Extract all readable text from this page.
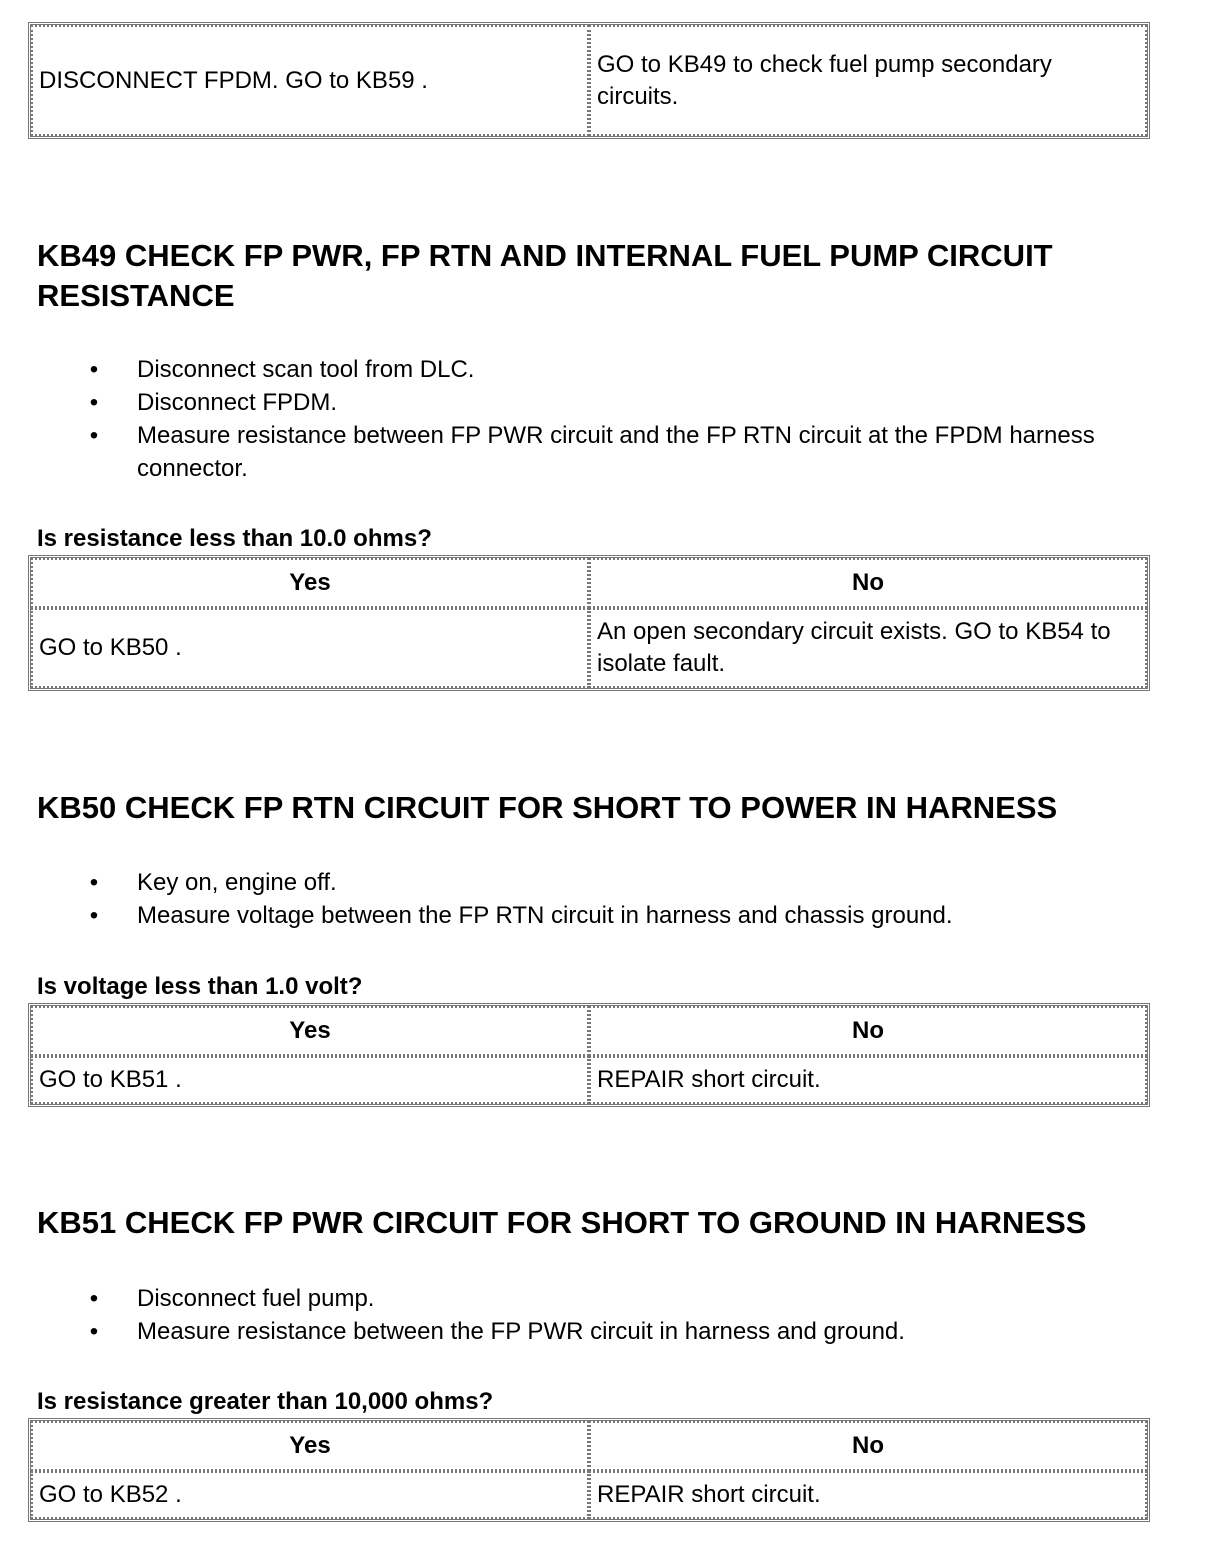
DISCONNECT FPDM. GO to KB59 .	GO to KB49 to check fuel pump secondary circuits.
KB49 CHECK FP PWR, FP RTN AND INTERNAL FUEL PUMP CIRCUIT RESISTANCE
• Disconnect scan tool from DLC.
• Disconnect FPDM.
• Measure resistance between FP PWR circuit and the FP RTN circuit at the FPDM harness connector.

Is resistance less than 10.0 ohms?

Yes	No
GO to KB50 .	An open secondary circuit exists. GO to KB54 to isolate fault.
KB50 CHECK FP RTN CIRCUIT FOR SHORT TO POWER IN HARNESS
• Key on, engine off.
• Measure voltage between the FP RTN circuit in harness and chassis ground.

Is voltage less than 1.0 volt?

Yes	No
GO to KB51 .	REPAIR short circuit.
KB51 CHECK FP PWR CIRCUIT FOR SHORT TO GROUND IN HARNESS
• Disconnect fuel pump.
• Measure resistance between the FP PWR circuit in harness and ground.

Is resistance greater than 10,000 ohms?

Yes	No
GO to KB52 .	REPAIR short circuit.
